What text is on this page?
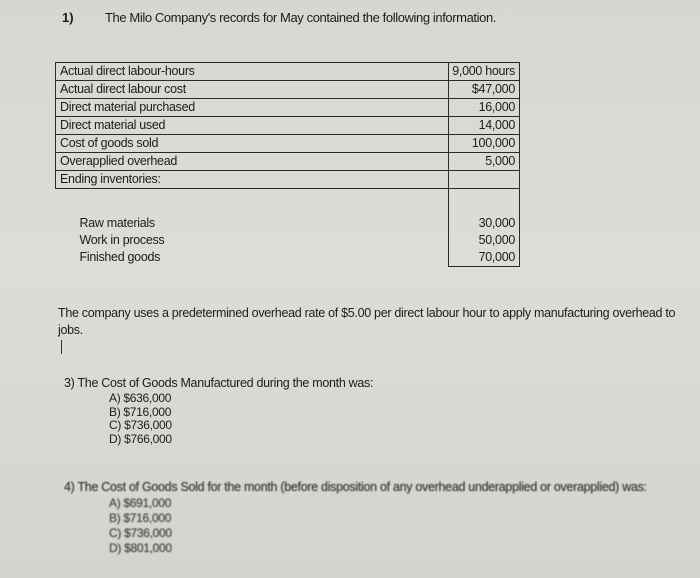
1) The Milo Company's records for May contained the following information.
Actual direct labour-hours	9,000 hours
Actual direct labour cost	$47,000
Direct material purchased	16,000
Direct material used	14,000
Cost of goods sold	100,000
Overapplied overhead	5,000
Ending inventories:	

Raw materials	30,000
Work in process	50,000
Finished goods	70,000
The company uses a predetermined overhead rate of $5.00 per direct labour hour to apply manufacturing overhead to jobs.
3) The Cost of Goods Manufactured during the month was:
A) $636,000
B) $716,000
C) $736,000
D) $766,000
4) The Cost of Goods Sold for the month (before disposition of any overhead underapplied or overapplied) was:
A) $691,000
B) $716,000
C) $736,000
D) $801,000
